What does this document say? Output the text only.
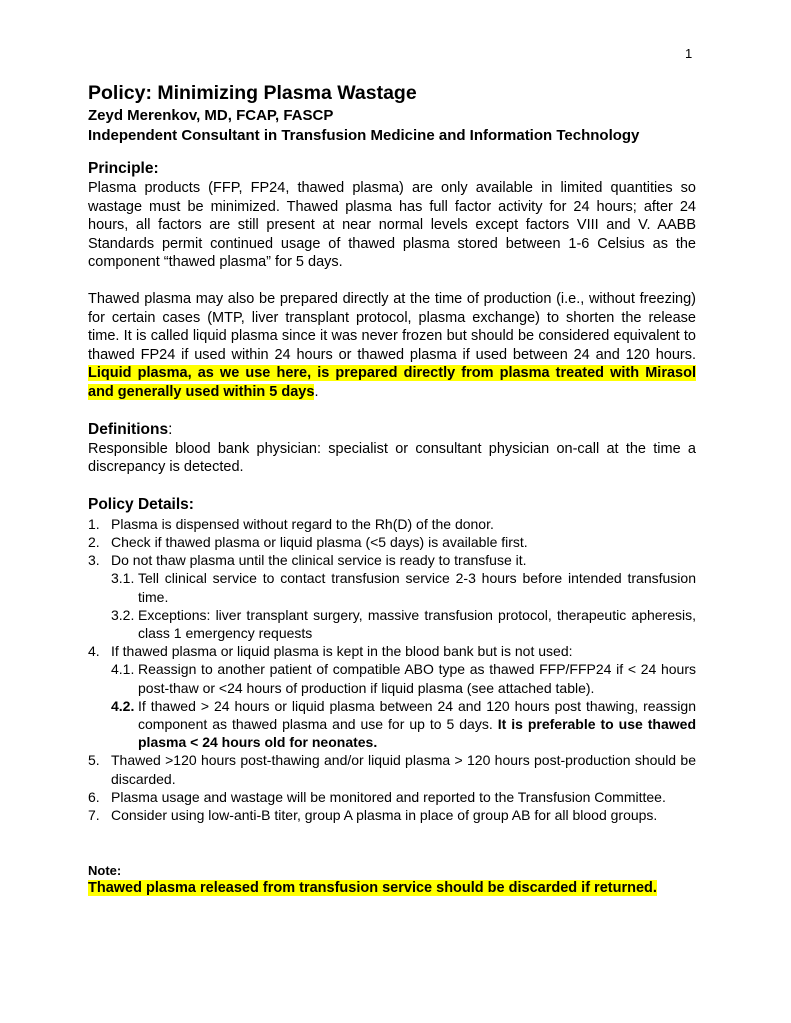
1
Policy: Minimizing Plasma Wastage
Zeyd Merenkov, MD, FCAP, FASCP
Independent Consultant in Transfusion Medicine and Information Technology
Principle:

Plasma products (FFP, FP24, thawed plasma) are only available in limited quantities so wastage must be minimized. Thawed plasma has full factor activity for 24 hours; after 24 hours, all factors are still present at near normal levels except factors VIII and V. AABB Standards permit continued usage of thawed plasma stored between 1-6 Celsius as the component “thawed plasma” for 5 days.

Thawed plasma may also be prepared directly at the time of production (i.e., without freezing) for certain cases (MTP, liver transplant protocol, plasma exchange) to shorten the release time. It is called liquid plasma since it was never frozen but should be considered equivalent to thawed FP24 if used within 24 hours or thawed plasma if used between 24 and 120 hours. Liquid plasma, as we use here, is prepared directly from plasma treated with Mirasol and generally used within 5 days.

Definitions:

Responsible blood bank physician: specialist or consultant physician on-call at the time a discrepancy is detected.

Policy Details:
1. Plasma is dispensed without regard to the Rh(D) of the donor.
2. Check if thawed plasma or liquid plasma (<5 days) is available first.
3. Do not thaw plasma until the clinical service is ready to transfuse it.
3.1. Tell clinical service to contact transfusion service 2-3 hours before intended transfusion time.
3.2. Exceptions: liver transplant surgery, massive transfusion protocol, therapeutic apheresis, class 1 emergency requests
4. If thawed plasma or liquid plasma is kept in the blood bank but is not used:
4.1. Reassign to another patient of compatible ABO type as thawed FFP/FFP24 if < 24 hours post-thaw or <24 hours of production if liquid plasma (see attached table).
4.2. If thawed > 24 hours or liquid plasma between 24 and 120 hours post thawing, reassign component as thawed plasma and use for up to 5 days. It is preferable to use thawed plasma < 24 hours old for neonates.
5. Thawed >120 hours post-thawing and/or liquid plasma > 120 hours post-production should be discarded.
6. Plasma usage and wastage will be monitored and reported to the Transfusion Committee.
7. Consider using low-anti-B titer, group A plasma in place of group AB for all blood groups.
Note:
Thawed plasma released from transfusion service should be discarded if returned.
